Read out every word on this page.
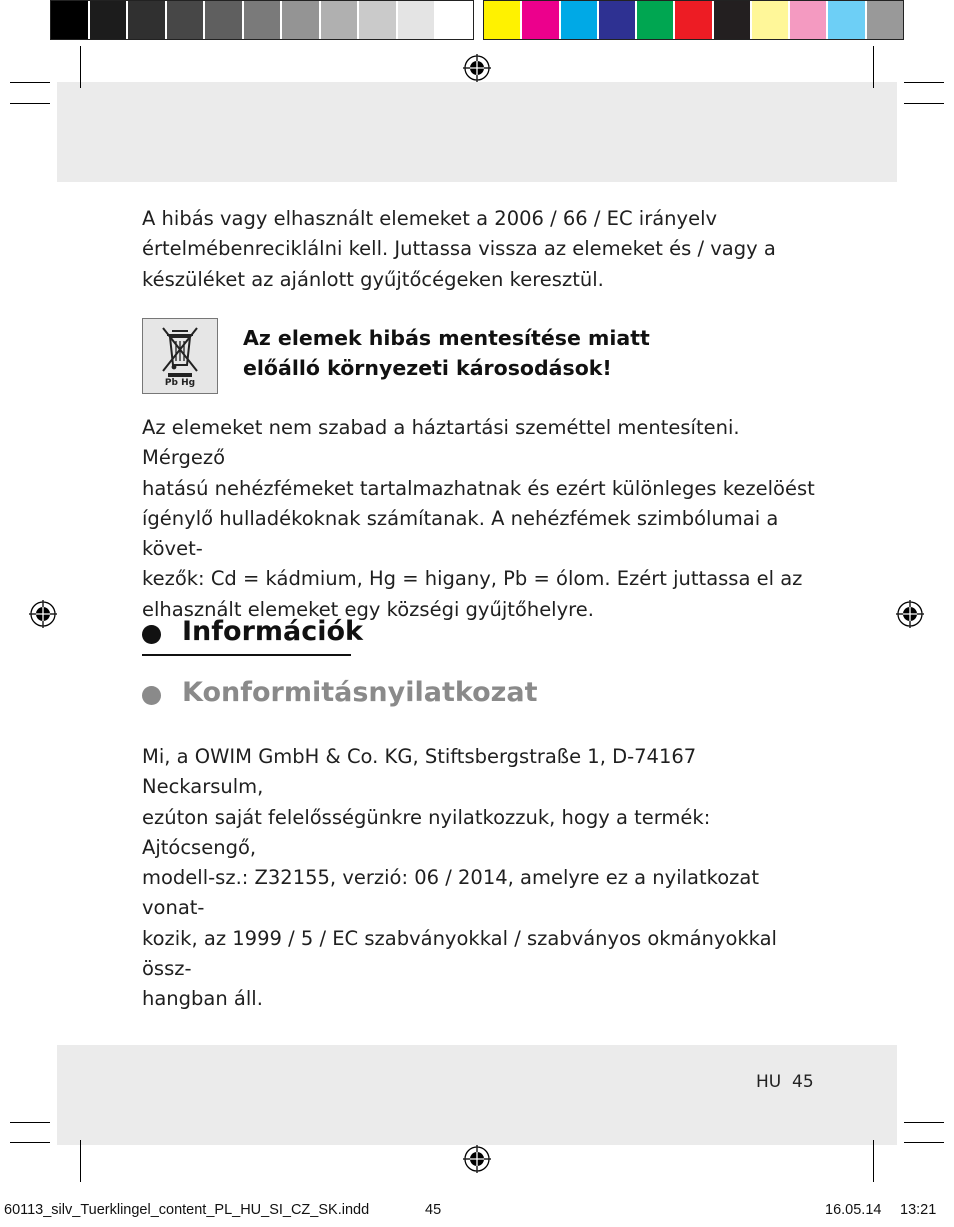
A hibás vagy elhasznált elemeket a 2006 / 66 / EC irányelv
értelmébenreciklálni kell. Juttassa vissza az elemeket és / vagy a
készüléket az ajánlott gyűjtőcégeken keresztül.
Pb Hg
Az elemek hibás mentesítése miatt
előálló környezeti károsodások!
Az elemeket nem szabad a háztartási szeméttel mentesíteni. Mérgező
hatású nehézfémeket tartalmazhatnak és ezért különleges kezelöést
ígénylő hulladékoknak számítanak. A nehézfémek szimbólumai a követ-
kezők: Cd = kádmium, Hg = higany, Pb = ólom. Ezért juttassa el az
elhasznált elemeket egy községi gyűjtőhelyre.
Információk
Konformitásnyilatkozat
Mi, a OWIM GmbH & Co. KG, Stiftsbergstraße 1, D-74167 Neckarsulm,
ezúton saját felelősségünkre nyilatkozzuk, hogy a termék: Ajtócsengő,
modell-sz.: Z32155, verzió: 06 / 2014, amelyre ez a nyilatkozat vonat-
kozik, az 1999 / 5 / EC szabványokkal / szabványos okmányokkal össz-
hangban áll.
HU 45
60113_silv_Tuerklingel_content_PL_HU_SI_CZ_SK.indd	45	16.05.14 13:21
